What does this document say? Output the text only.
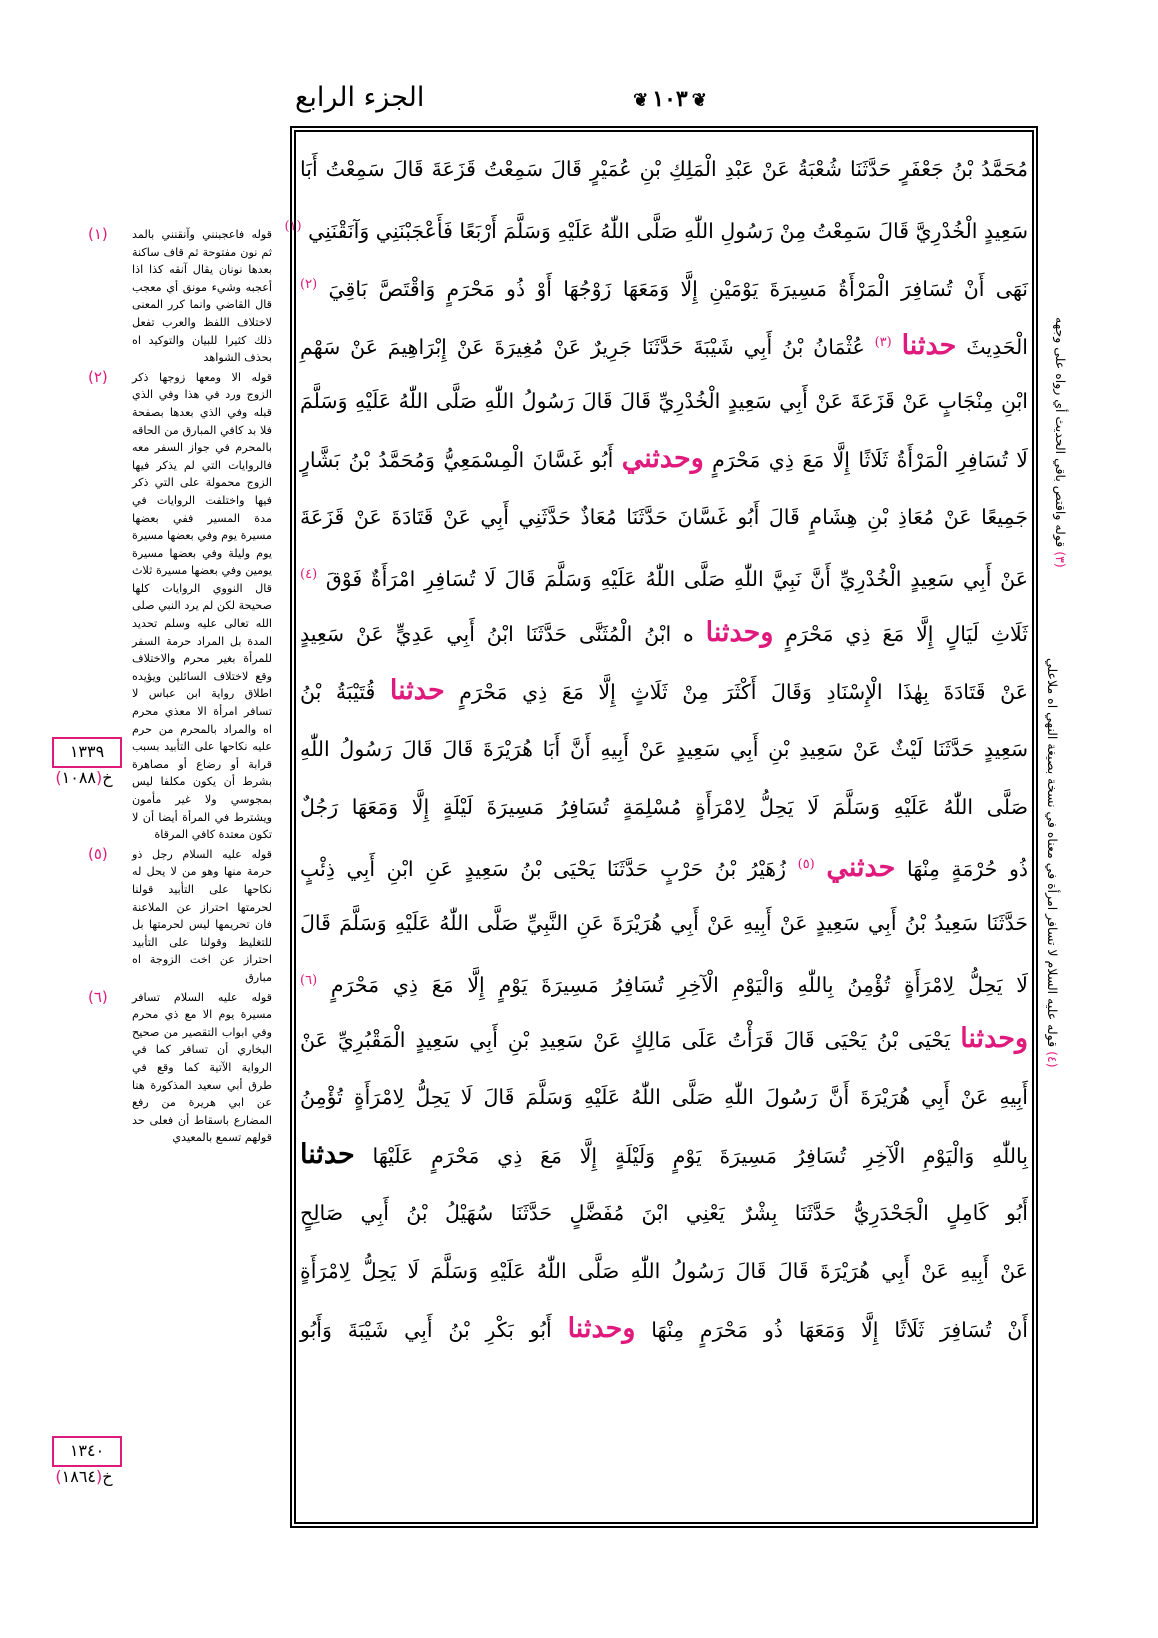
الجزء الرابع	❦١٠٣❦
مُحَمَّدُ بْنُ جَعْفَرٍ حَدَّثَنَا شُعْبَةُ عَنْ عَبْدِ الْمَلِكِ بْنِ عُمَيْرٍ قَالَ سَمِعْتُ قَزَعَةَ قَالَ سَمِعْتُ أَبَا
سَعِيدٍ الْخُدْرِيَّ قَالَ سَمِعْتُ مِنْ رَسُولِ اللّٰهِ صَلَّى اللّٰهُ عَلَيْهِ وَسَلَّمَ أَرْبَعًا فَأَعْجَبْنَنِي وَآنَقْنَنِي $^{(١)}$
نَهَى أَنْ تُسَافِرَ الْمَرْأَةُ مَسِيرَةَ يَوْمَيْنِ إِلَّا وَمَعَهَا زَوْجُهَا أَوْ ذُو مَحْرَمٍ وَاقْتَصَّ بَاقِيَ $^{(٢)}$
الْحَدِيثَ حدثنا $^{(٣)}$ عُثْمَانُ بْنُ أَبِي شَيْبَةَ حَدَّثَنَا جَرِيرٌ عَنْ مُغِيرَةَ عَنْ إِبْرَاهِيمَ عَنْ سَهْمِ
ابْنِ مِنْجَابٍ عَنْ قَزَعَةَ عَنْ أَبِي سَعِيدٍ الْخُدْرِيِّ قَالَ قَالَ رَسُولُ اللّٰهِ صَلَّى اللّٰهُ عَلَيْهِ وَسَلَّمَ
لَا تُسَافِرِ الْمَرْأَةُ ثَلَاثًا إِلَّا مَعَ ذِي مَحْرَمٍ وحدثني أَبُو غَسَّانَ الْمِسْمَعِيُّ وَمُحَمَّدُ بْنُ بَشَّارٍ
جَمِيعًا عَنْ مُعَاذِ بْنِ هِشَامٍ قَالَ أَبُو غَسَّانَ حَدَّثَنَا مُعَاذٌ حَدَّثَنِي أَبِي عَنْ قَتَادَةَ عَنْ قَزَعَةَ
عَنْ أَبِي سَعِيدٍ الْخُدْرِيِّ أَنَّ نَبِيَّ اللّٰهِ صَلَّى اللّٰهُ عَلَيْهِ وَسَلَّمَ قَالَ لَا تُسَافِرِ امْرَأَةٌ فَوْقَ $^{(٤)}$
ثَلَاثِ لَيَالٍ إِلَّا مَعَ ذِي مَحْرَمٍ وحدثنا ه ابْنُ الْمُثَنَّى حَدَّثَنَا ابْنُ أَبِي عَدِيٍّ عَنْ سَعِيدٍ
عَنْ قَتَادَةَ بِهٰذَا الْإِسْنَادِ وَقَالَ أَكْثَرَ مِنْ ثَلَاثٍ إِلَّا مَعَ ذِي مَحْرَمٍ حدثنا قُتَيْبَةُ بْنُ
سَعِيدٍ حَدَّثَنَا لَيْثٌ عَنْ سَعِيدِ بْنِ أَبِي سَعِيدٍ عَنْ أَبِيهِ أَنَّ أَبَا هُرَيْرَةَ قَالَ قَالَ رَسُولُ اللّٰهِ
صَلَّى اللّٰهُ عَلَيْهِ وَسَلَّمَ لَا يَحِلُّ لِامْرَأَةٍ مُسْلِمَةٍ تُسَافِرُ مَسِيرَةَ لَيْلَةٍ إِلَّا وَمَعَهَا رَجُلٌ
ذُو حُرْمَةٍ مِنْهَا حدثني $^{(٥)}$ زُهَيْرُ بْنُ حَرْبٍ حَدَّثَنَا يَحْيَى بْنُ سَعِيدٍ عَنِ ابْنِ أَبِي ذِئْبٍ
حَدَّثَنَا سَعِيدُ بْنُ أَبِي سَعِيدٍ عَنْ أَبِيهِ عَنْ أَبِي هُرَيْرَةَ عَنِ النَّبِيِّ صَلَّى اللّٰهُ عَلَيْهِ وَسَلَّمَ قَالَ
لَا يَحِلُّ لِامْرَأَةٍ تُؤْمِنُ بِاللّٰهِ وَالْيَوْمِ الْآخِرِ تُسَافِرُ مَسِيرَةَ يَوْمٍ إِلَّا مَعَ ذِي مَحْرَمٍ $^{(٦)}$
وحدثنا يَحْيَى بْنُ يَحْيَى قَالَ قَرَأْتُ عَلَى مَالِكٍ عَنْ سَعِيدِ بْنِ أَبِي سَعِيدٍ الْمَقْبُرِيِّ عَنْ
أَبِيهِ عَنْ أَبِي هُرَيْرَةَ أَنَّ رَسُولَ اللّٰهِ صَلَّى اللّٰهُ عَلَيْهِ وَسَلَّمَ قَالَ لَا يَحِلُّ لِامْرَأَةٍ تُؤْمِنُ
بِاللّٰهِ وَالْيَوْمِ الْآخِرِ تُسَافِرُ مَسِيرَةَ يَوْمٍ وَلَيْلَةٍ إِلَّا مَعَ ذِي مَحْرَمٍ عَلَيْهَا حدثنا
أَبُو كَامِلٍ الْجَحْدَرِيُّ حَدَّثَنَا بِشْرٌ يَعْنِي ابْنَ مُفَضَّلٍ حَدَّثَنَا سُهَيْلُ بْنُ أَبِي صَالِحٍ
عَنْ أَبِيهِ عَنْ أَبِي هُرَيْرَةَ قَالَ قَالَ رَسُولُ اللّٰهِ صَلَّى اللّٰهُ عَلَيْهِ وَسَلَّمَ لَا يَحِلُّ لِامْرَأَةٍ
أَنْ تُسَافِرَ ثَلَاثًا إِلَّا وَمَعَهَا ذُو مَحْرَمٍ مِنْهَا وحدثنا أَبُو بَكْرِ بْنُ أَبِي شَيْبَةَ وَأَبُو
(١) قوله فاعجبنني وآنقنني بالمد ثم نون مفتوحة ثم قاف ساكنة بعدها نونان يقال آنقه كذا اذا أعجبه وشيء مونق أي معجب قال القاضي وانما كرر المعنى لاختلاف اللفظ والعرب تفعل ذلك كثيرا للبيان والتوكيد اه بحذف الشواهد
(٢) قوله الا ومعها زوجها ذكر الزوج ورد في هذا وفي الذي قبله وفي الذي بعدها بصفحة فلا بد كافي المبارق من الحاقه بالمحرم في جواز السفر معه فالروايات التي لم يذكر فيها الزوج محمولة على التي ذكر فيها واختلفت الروايات في مدة المسير ففي بعضها مسيرة يوم وفي بعضها مسيرة يوم وليلة وفي بعضها مسيرة يومين وفي بعضها مسيرة ثلاث قال النووي الروايات كلها صحيحة لكن لم يرد النبي صلى الله تعالى عليه وسلم تحديد المدة بل المراد حرمة السفر للمرأة بغير محرم والاختلاف وقع لاختلاف السائلين ويؤيده اطلاق رواية ابن عباس لا تسافر امرأة الا معذي محرم اه والمراد بالمحرم من حرم عليه نكاحها على التأبيد بسبب قرابة أو رضاع أو مصاهرة بشرط أن يكون مكلفا ليس بمجوسي ولا غير مأمون ويشترط في المرأة أيضا أن لا تكون معتدة كافي المرقاة
(٥) قوله عليه السلام رجل ذو حرمة منها وهو من لا يحل له نكاحها على التأبيد قولنا لحرمتها احتراز عن الملاعنة فان تحريمها ليس لحرمتها بل للتغليظ وقولنا على التأبيد احتراز عن اخت الزوجة اه مبارق
(٦) قوله عليه السلام تسافر مسيرة يوم الا مع ذي محرم وفي ابواب التقصير من صحيح البخاري أن تسافر كما في الرواية الآتية كما وقع في طرق أبي سعيد المذكورة هنا عن ابي هريرة من رفع المضارع باسقاط أن فعلى حد قولهم تسمع بالمعيدي
١٣٣٩
خ(١٠٨٨)
١٣٤٠
خ(١٨٦٤)
(٣) قوله واقتص باقي الحديث أي رواه على وجهه
(٤) قوله عليه السلام لا تسافر امرأة في معناه في نسخة بصيغة النهي اه ملاعلي
